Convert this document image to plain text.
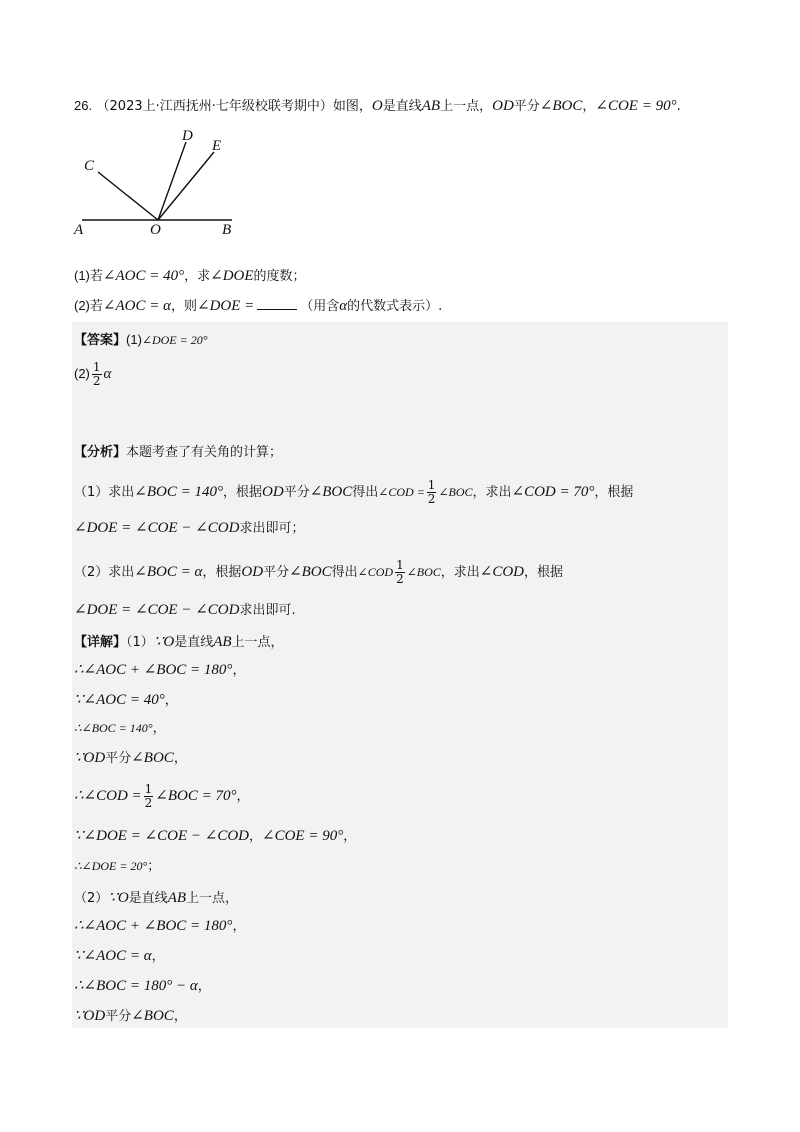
26. （2023上·江西抚州·七年级校联考期中）如图，O是直线AB上一点，OD平分∠BOC，∠COE = 90°.
A	O	B
C
D
E
(1)若∠AOC = 40°，求∠DOE的度数；
(2)若∠AOC = α，则∠DOE =	（用含α的代数式表示）.
【答案】(1)∠DOE = 20°
$(2) \frac{1}{2}$ α
【分析】本题考查了有关角的计算；
（1）求出∠BOC = 140°，根据OD平分∠BOC得出∠COD = $\frac{1}{2}$ ∠BOC，求出∠COD = 70°，根据
∠DOE = ∠COE − ∠COD求出即可；
（2）求出∠BOC = α，根据OD平分∠BOC得出∠COD $\frac{1}{2}$ ∠BOC，求出∠COD，根据
∠DOE = ∠COE − ∠COD求出即可.
【详解】（1）∵O是直线AB上一点，
∴∠AOC + ∠BOC = 180°，
∵∠AOC = 40°，
∴∠BOC = 140°，
∵OD平分∠BOC，
∴∠COD = $\frac{1}{2}$ ∠BOC = 70°，
∵∠DOE = ∠COE − ∠COD，∠COE = 90°，
∴∠DOE = 20°；
（2）∵O是直线AB上一点，
∴∠AOC + ∠BOC = 180°，
∵∠AOC = α，
∴∠BOC = 180° − α，
∵OD平分∠BOC，
